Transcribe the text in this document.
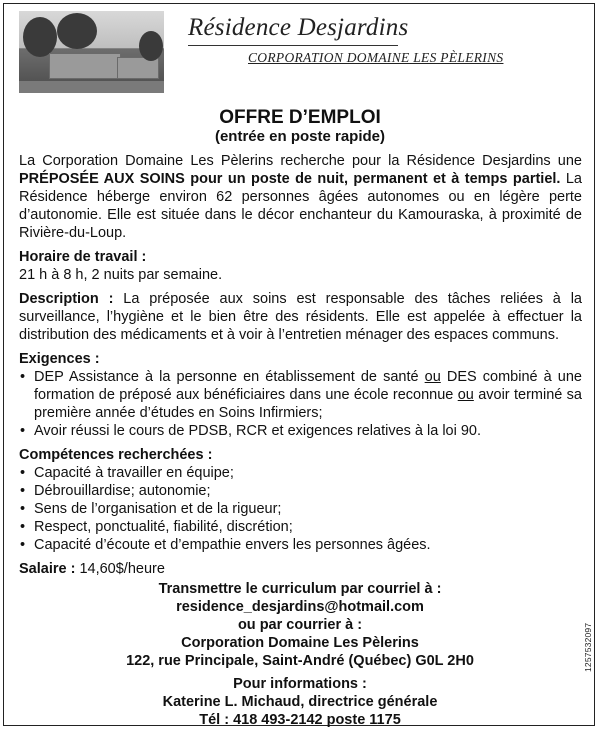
Résidence Desjardins
CORPORATION DOMAINE LES PÈLERINS
OFFRE D’EMPLOI
(entrée en poste rapide)

La Corporation Domaine Les Pèlerins recherche pour la Résidence Desjardins une PRÉPOSÉE AUX SOINS pour un poste de nuit, permanent et à temps partiel. La Résidence héberge environ 62 personnes âgées autonomes ou en légère perte d’autonomie. Elle est située dans le décor enchanteur du Kamouraska, à proximité de Rivière-du-Loup.

Horaire de travail :

21 h à 8 h, 2 nuits par semaine.

Description : La préposée aux soins est responsable des tâches reliées à la surveillance, l’hygiène et le bien être des résidents. Elle est appelée à effectuer la distribution des médicaments et à voir à l’entretien ménager des espaces communs.

Exigences :

• DEP Assistance à la personne en établissement de santé ou DES combiné à une formation de préposé aux bénéficiaires dans une école reconnue ou avoir terminé sa première année d’études en Soins Infirmiers;
• Avoir réussi le cours de PDSB, RCR et exigences relatives à la loi 90.

Compétences recherchées :

• Capacité à travailler en équipe;
• Débrouillardise; autonomie;
• Sens de l’organisation et de la rigueur;
• Respect, ponctualité, fiabilité, discrétion;
• Capacité d’écoute et d’empathie envers les personnes âgées.

Salaire : 14,60$/heure

Transmettre le curriculum par courriel à :
residence_desjardins@hotmail.com
ou par courrier à :
Corporation Domaine Les Pèlerins
122, rue Principale, Saint-André (Québec) G0L 2H0
Pour informations :
Katerine L. Michaud, directrice générale
Tél : 418 493-2142 poste 1175
1257532097
